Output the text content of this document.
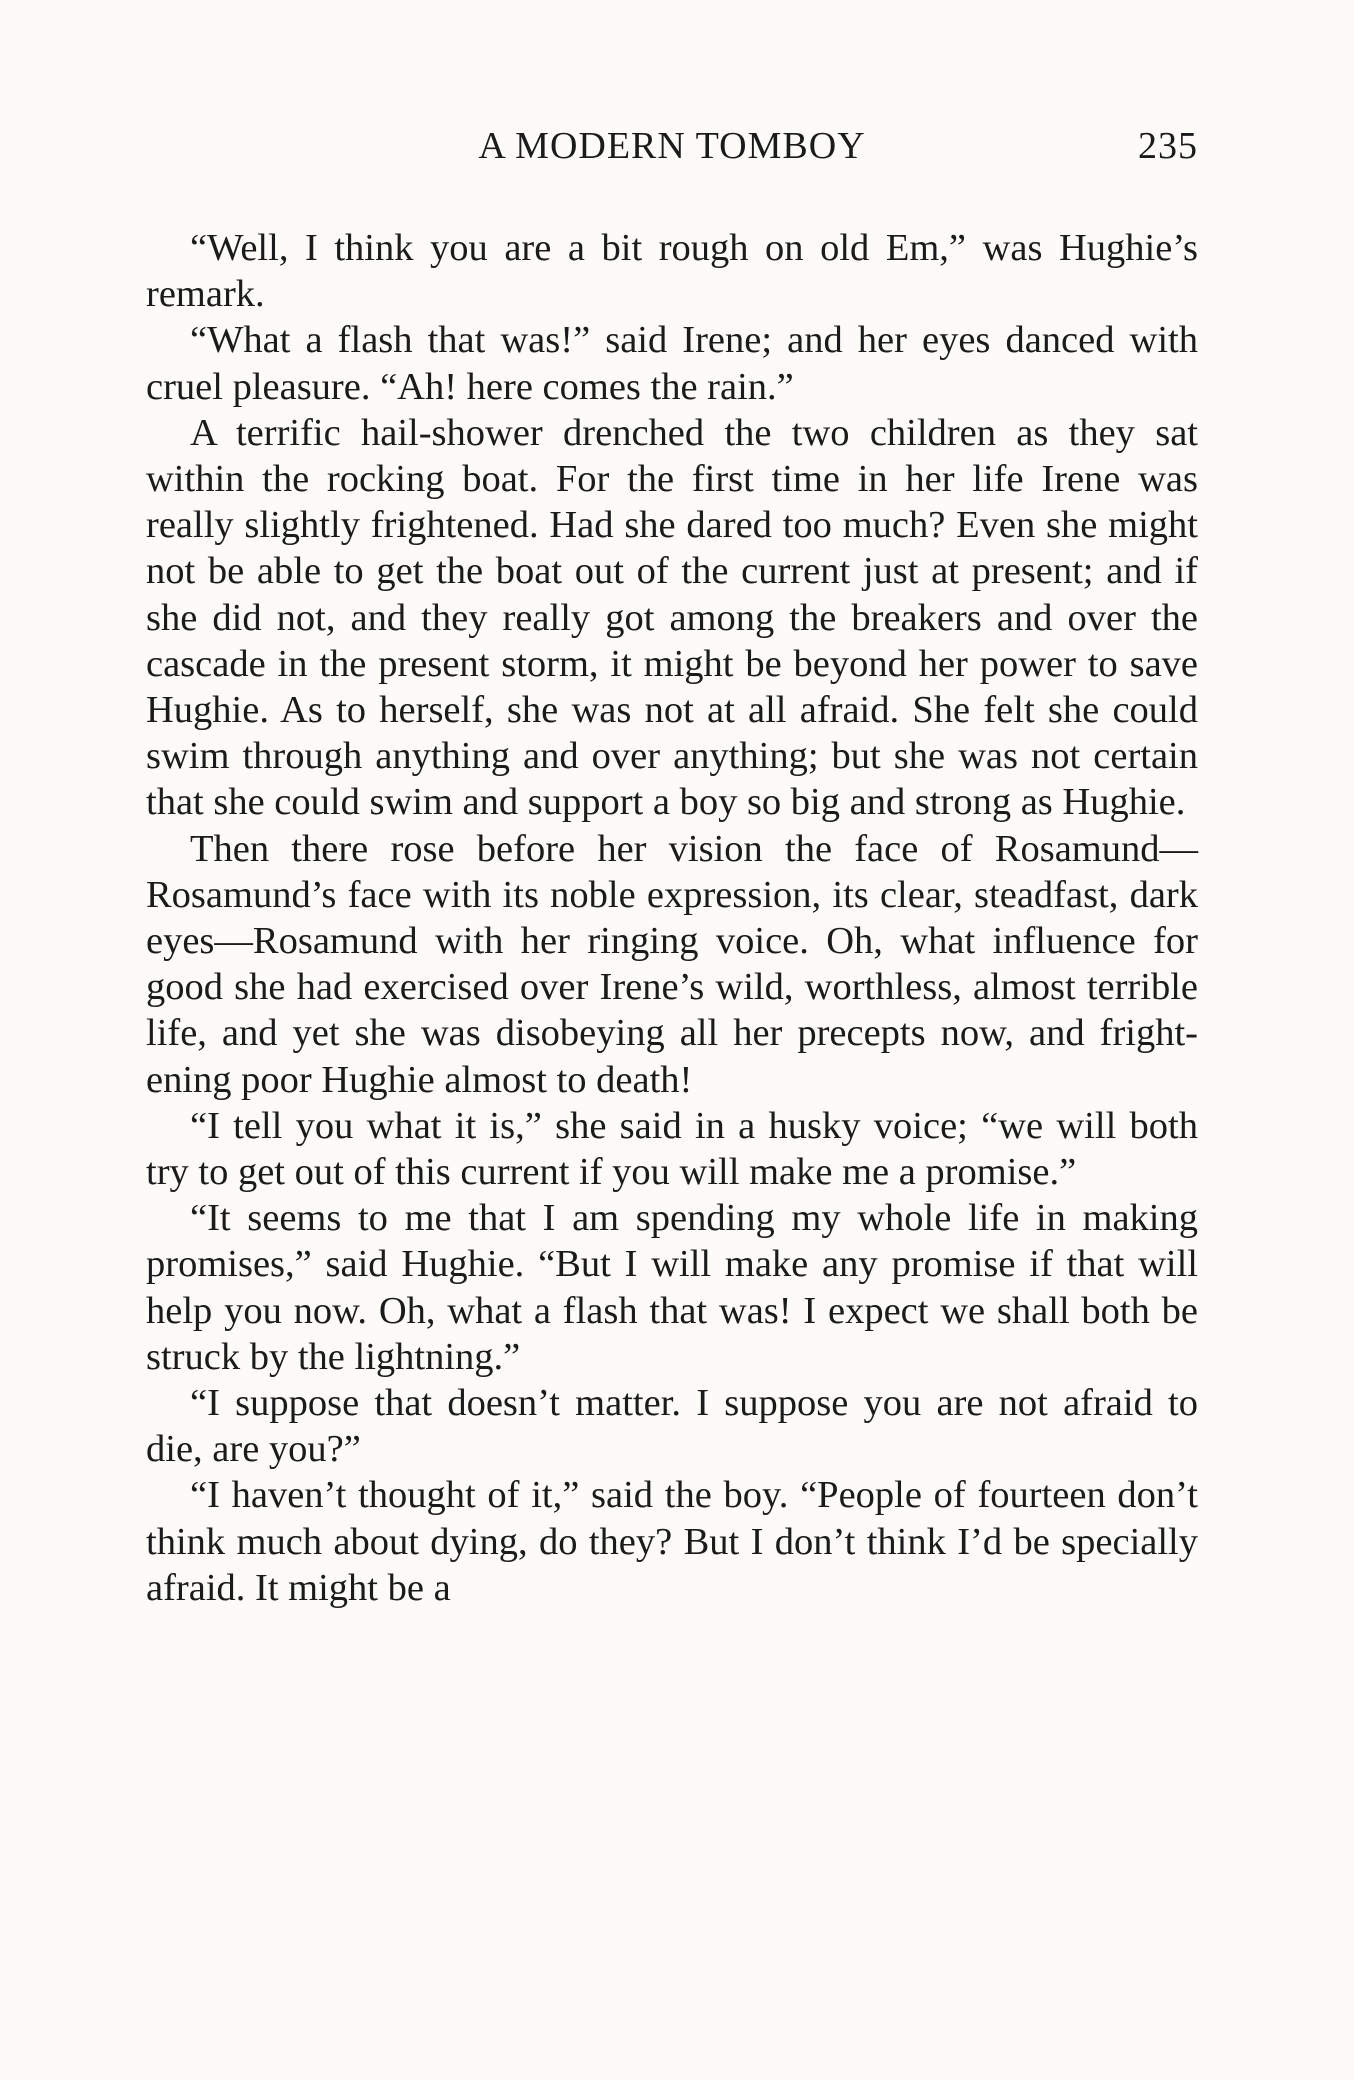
A MODERN TOMBOY	235

“Well, I think you are a bit rough on old Em,” was Hughie’s remark.

“What a flash that was!” said Irene; and her eyes danced with cruel pleasure. “Ah! here comes the rain.”

A terrific hail-shower drenched the two children as they sat within the rocking boat. For the first time in her life Irene was really slightly frightened. Had she dared too much? Even she might not be able to get the boat out of the current just at present; and if she did not, and they really got among the breakers and over the cascade in the present storm, it might be beyond her power to save Hughie. As to herself, she was not at all afraid. She felt she could swim through anything and over anything; but she was not certain that she could swim and support a boy so big and strong as Hughie.

Then there rose before her vision the face of Rosamund—Rosamund’s face with its noble expression, its clear, steadfast, dark eyes—Rosamund with her ringing voice. Oh, what influence for good she had exercised over Irene’s wild, worthless, almost terrible life, and yet she was disobeying all her precepts now, and frightening poor Hughie almost to death!

“I tell you what it is,” she said in a husky voice; “we will both try to get out of this current if you will make me a promise.”

“It seems to me that I am spending my whole life in making promises,” said Hughie. “But I will make any promise if that will help you now. Oh, what a flash that was! I expect we shall both be struck by the lightning.”

“I suppose that doesn’t matter. I suppose you are not afraid to die, are you?”

“I haven’t thought of it,” said the boy. “People of fourteen don’t think much about dying, do they? But I don’t think I’d be specially afraid. It might be a
